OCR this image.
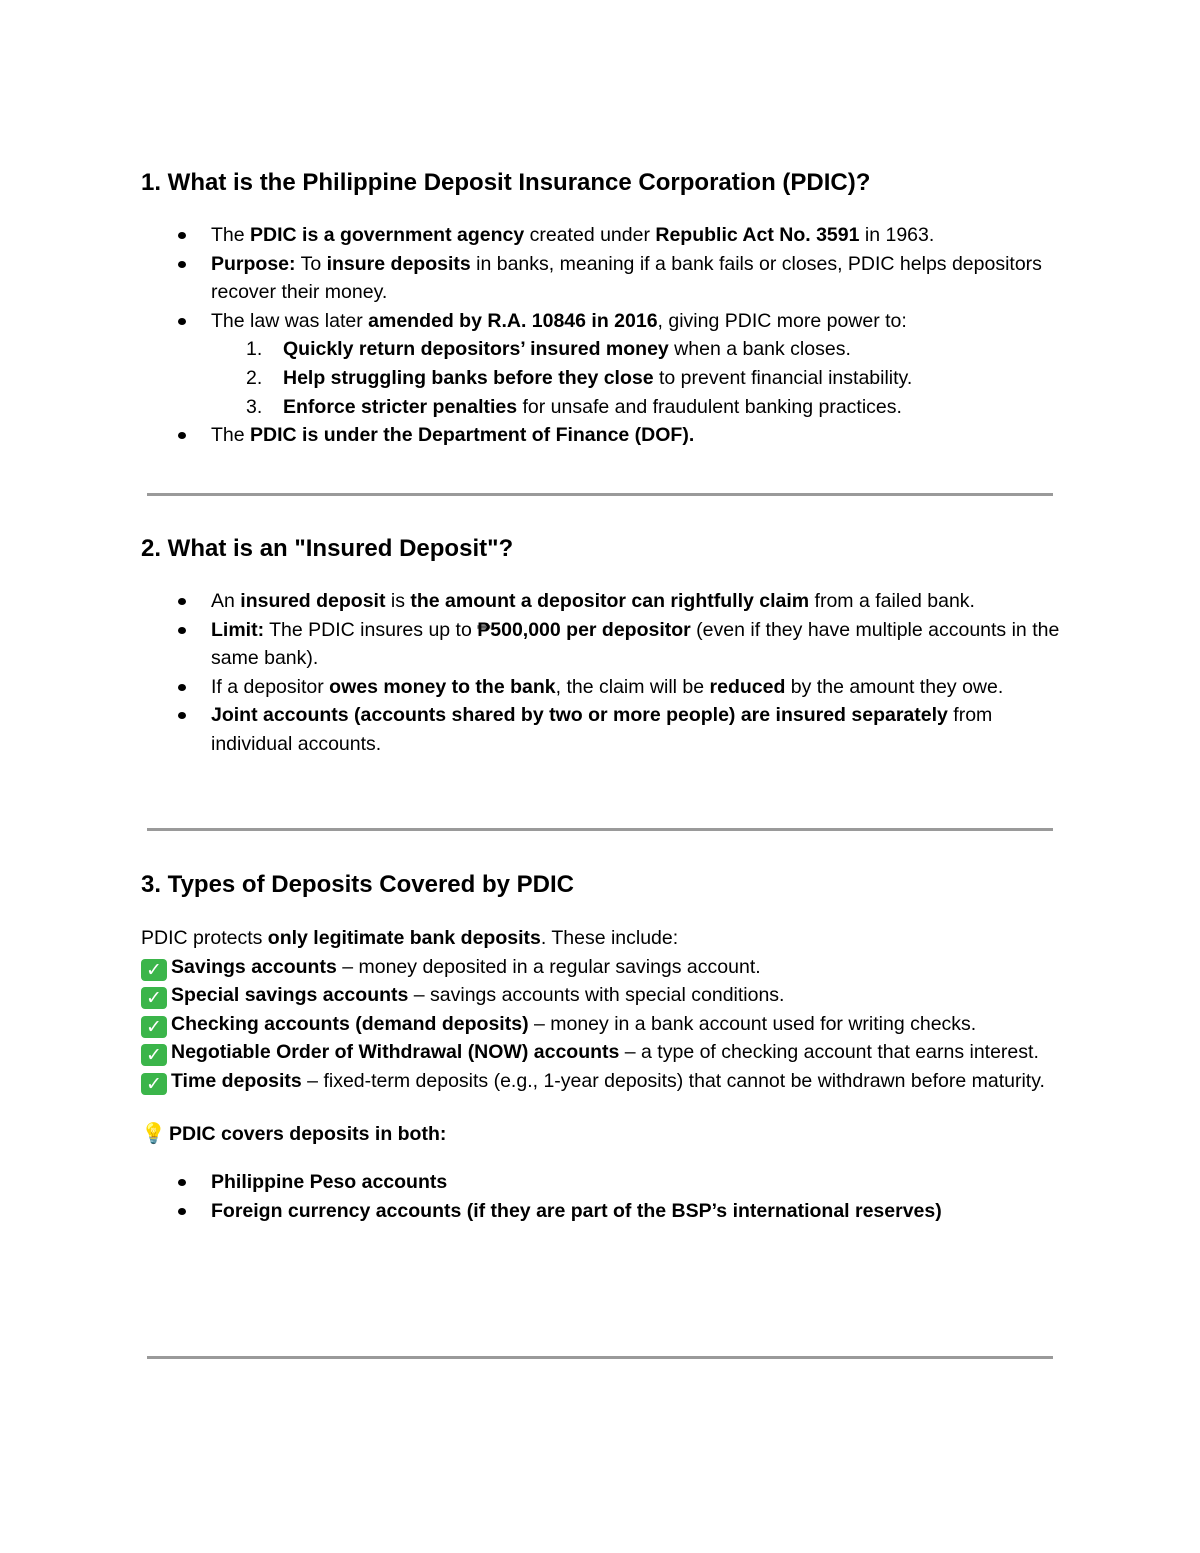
1. What is the Philippine Deposit Insurance Corporation (PDIC)?
The PDIC is a government agency created under Republic Act No. 3591 in 1963.
Purpose: To insure deposits in banks, meaning if a bank fails or closes, PDIC helps depositors recover their money.
The law was later amended by R.A. 10846 in 2016, giving PDIC more power to:
1.	Quickly return depositors’ insured money when a bank closes.
2.	Help struggling banks before they close to prevent financial instability.
3.	Enforce stricter penalties for unsafe and fraudulent banking practices.
The PDIC is under the Department of Finance (DOF).
2. What is an "Insured Deposit"?
An insured deposit is the amount a depositor can rightfully claim from a failed bank.
Limit: The PDIC insures up to ₱500,000 per depositor (even if they have multiple accounts in the same bank).
If a depositor owes money to the bank, the claim will be reduced by the amount they owe.
Joint accounts (accounts shared by two or more people) are insured separately from individual accounts.
3. Types of Deposits Covered by PDIC

PDIC protects only legitimate bank deposits. These include:

✓ Savings accounts – money deposited in a regular savings account.

✓ Special savings accounts – savings accounts with special conditions.

✓ Checking accounts (demand deposits) – money in a bank account used for writing checks.

✓ Negotiable Order of Withdrawal (NOW) accounts – a type of checking account that earns interest.

✓ Time deposits – fixed-term deposits (e.g., 1-year deposits) that cannot be withdrawn before maturity.

💡 PDIC covers deposits in both:

Philippine Peso accounts
Foreign currency accounts (if they are part of the BSP’s international reserves)
